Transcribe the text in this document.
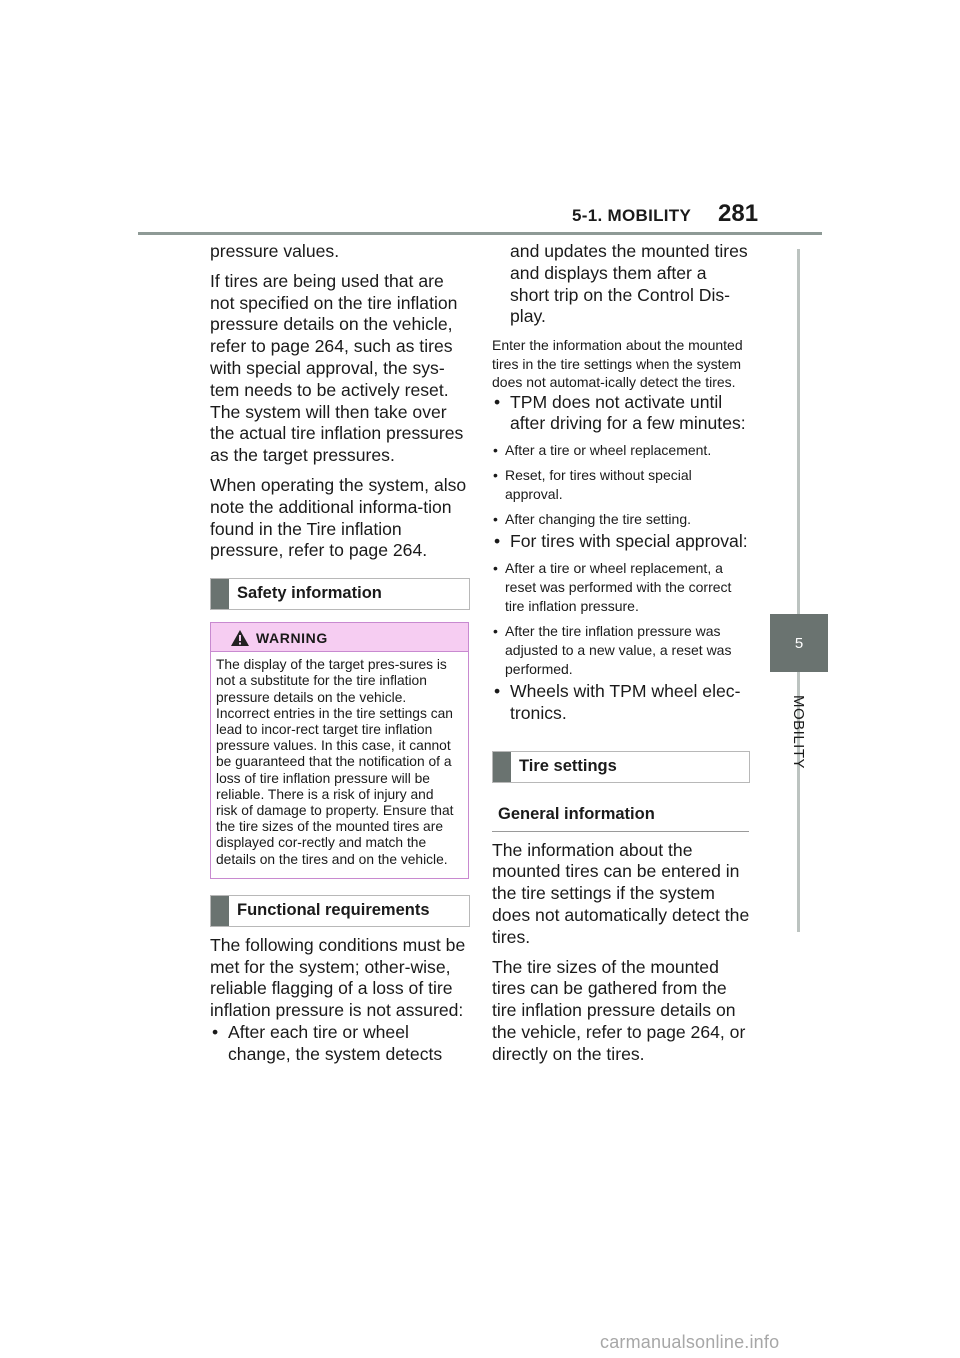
5-1. MOBILITY 281
5
MOBILITY

pressure values.

If tires are being used that are not specified on the tire inflation pressure details on the vehicle, refer to page 264, such as tires with special approval, the sys-tem needs to be actively reset. The system will then take over the actual tire inflation pressures as the target pressures.

When operating the system, also note the additional informa-tion found in the Tire inflation pressure, refer to page 264.

Safety information
WARNING
The display of the target pres-sures is not a substitute for the tire inflation pressure details on the vehicle. Incorrect entries in the tire settings can lead to incor-rect target tire inflation pressure values. In this case, it cannot be guaranteed that the notification of a loss of tire inflation pressure will be reliable. There is a risk of injury and risk of damage to property. Ensure that the tire sizes of the mounted tires are displayed cor-rectly and match the details on the tires and on the vehicle.
Functional requirements

The following conditions must be met for the system; other-wise, reliable flagging of a loss of tire inflation pressure is not assured:

• After each tire or wheel change, the system detects

and updates the mounted tires and displays them after a short trip on the Control Dis-play.

Enter the information about the mounted tires in the tire settings when the system does not automat-ically detect the tires.

• TPM does not activate until after driving for a few minutes:
• After a tire or wheel replacement.
• Reset, for tires without special approval.
• After changing the tire setting.
• For tires with special approval:
• After a tire or wheel replacement, a reset was performed with the correct tire inflation pressure.
• After the tire inflation pressure was adjusted to a new value, a reset was performed.
• Wheels with TPM wheel elec-tronics.
Tire settings
General information

The information about the mounted tires can be entered in the tire settings if the system does not automatically detect the tires.

The tire sizes of the mounted tires can be gathered from the tire inflation pressure details on the vehicle, refer to page 264, or directly on the tires.

carmanualsonline.info
